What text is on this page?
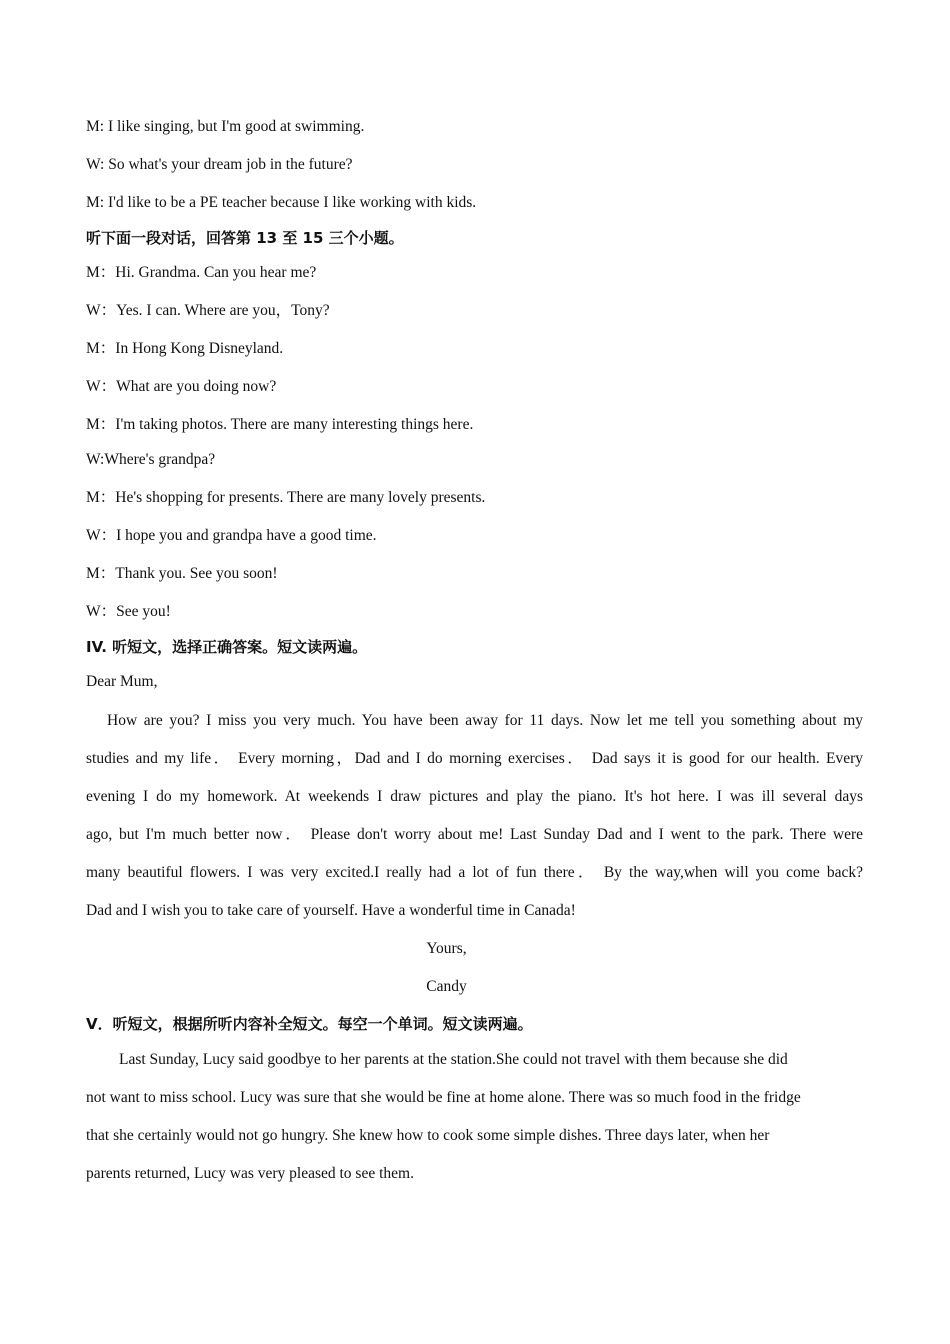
M: I like singing, but I'm good at swimming.
W: So what's your dream job in the future?
M: I'd like to be a PE teacher because I like working with kids.
听下面一段对话，回答第 13 至 15 三个小题。
M：Hi. Grandma. Can you hear me?
W：Yes. I can. Where are you，Tony?
M：In Hong Kong Disneyland.
W：What are you doing now?
M：I'm taking photos. There are many interesting things here.
W:Where's grandpa?
M：He's shopping for presents. There are many lovely presents.
W：I hope you and grandpa have a good time.
M：Thank you. See you soon!
W：See you!
IV. 听短文，选择正确答案。短文读两遍。
Dear Mum,
How are you? I miss you very much. You have been away for 11 days. Now let me tell you something about my
studies and my life． Every morning，Dad and I do morning exercises． Dad says it is good for our health. Every
evening I do my homework. At weekends I draw pictures and play the piano. It's hot here. I was ill several days
ago, but I'm much better now． Please don't worry about me! Last Sunday Dad and I went to the park. There were
many beautiful flowers. I was very excited.I really had a lot of fun there． By the way,when will you come back?
Dad and I wish you to take care of yourself. Have a wonderful time in Canada!
Yours,
Candy
V．听短文，根据所听内容补全短文。每空一个单词。短文读两遍。
Last Sunday, Lucy said goodbye to her parents at the station.She could not travel with them because she did
not want to miss school. Lucy was sure that she would be fine at home alone. There was so much food in the fridge
that she certainly would not go hungry. She knew how to cook some simple dishes. Three days later, when her
parents returned, Lucy was very pleased to see them.
